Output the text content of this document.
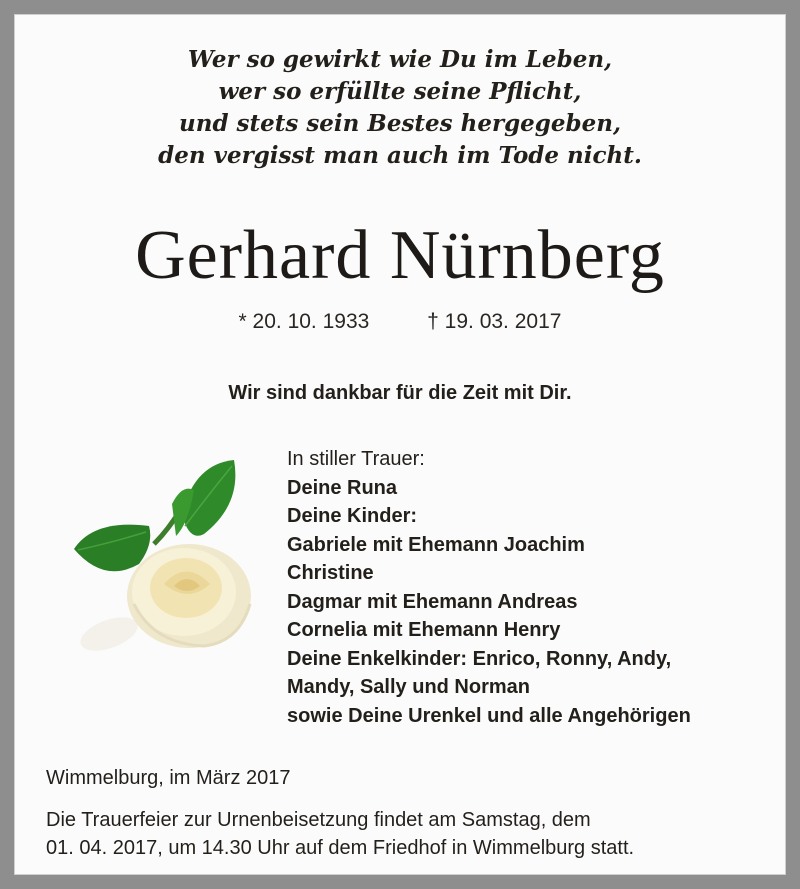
Wer so gewirkt wie Du im Leben,
wer so erfüllte seine Pflicht,
und stets sein Bestes hergegeben,
den vergisst man auch im Tode nicht.
Gerhard Nürnberg
* 20. 10. 1933	† 19. 03. 2017
Wir sind dankbar für die Zeit mit Dir.
In stiller Trauer:
Deine Runa
Deine Kinder:
Gabriele mit Ehemann Joachim
Christine
Dagmar mit Ehemann Andreas
Cornelia mit Ehemann Henry
Deine Enkelkinder: Enrico, Ronny, Andy,
Mandy, Sally und Norman
sowie Deine Urenkel und alle Angehörigen
Wimmelburg, im März 2017
Die Trauerfeier zur Urnenbeisetzung findet am Samstag, dem
01. 04. 2017, um 14.30 Uhr auf dem Friedhof in Wimmelburg statt.
